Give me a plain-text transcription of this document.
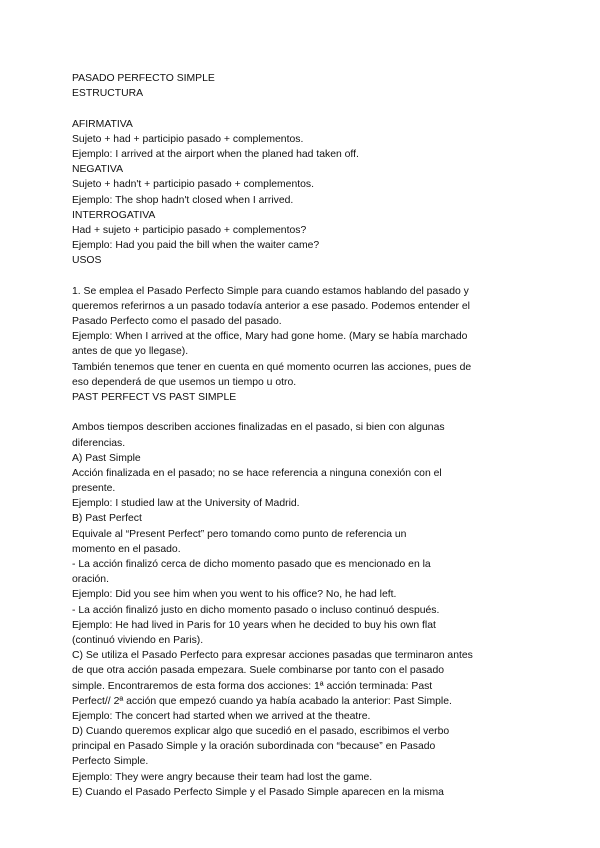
PASADO PERFECTO SIMPLE
ESTRUCTURA
AFIRMATIVA
Sujeto + had + participio pasado + complementos.
Ejemplo: I arrived at the airport when the planed had taken off.
NEGATIVA
Sujeto + hadn't + participio pasado + complementos.
Ejemplo: The shop hadn't closed when I arrived.
INTERROGATIVA
Had + sujeto + participio pasado + complementos?
Ejemplo: Had you paid the bill when the waiter came?
USOS
1. Se emplea el Pasado Perfecto Simple para cuando estamos hablando del pasado y
queremos referirnos a un pasado todavía anterior a ese pasado. Podemos entender el
Pasado Perfecto como el pasado del pasado.
Ejemplo: When I arrived at the office, Mary had gone home. (Mary se había marchado
antes de que yo llegase).
También tenemos que tener en cuenta en qué momento ocurren las acciones, pues de
eso dependerá de que usemos un tiempo u otro.
PAST PERFECT VS PAST SIMPLE
Ambos tiempos describen acciones finalizadas en el pasado, si bien con algunas
diferencias.
A) Past Simple
Acción finalizada en el pasado; no se hace referencia a ninguna conexión con el
presente.
Ejemplo: I studied law at the University of Madrid.
B) Past Perfect
Equivale al “Present Perfect” pero tomando como punto de referencia un
momento en el pasado.
- La acción finalizó cerca de dicho momento pasado que es mencionado en la
oración.
Ejemplo: Did you see him when you went to his office? No, he had left.
- La acción finalizó justo en dicho momento pasado o incluso continuó después.
Ejemplo: He had lived in Paris for 10 years when he decided to buy his own flat
(continuó viviendo en Paris).
C) Se utiliza el Pasado Perfecto para expresar acciones pasadas que terminaron antes
de que otra acción pasada empezara. Suele combinarse por tanto con el pasado
simple. Encontraremos de esta forma dos acciones: 1ª acción terminada: Past
Perfect// 2ª acción que empezó cuando ya había acabado la anterior: Past Simple.
Ejemplo: The concert had started when we arrived at the theatre.
D) Cuando queremos explicar algo que sucedió en el pasado, escribimos el verbo
principal en Pasado Simple y la oración subordinada con “because” en Pasado
Perfecto Simple.
Ejemplo: They were angry because their team had lost the game.
E) Cuando el Pasado Perfecto Simple y el Pasado Simple aparecen en la misma
